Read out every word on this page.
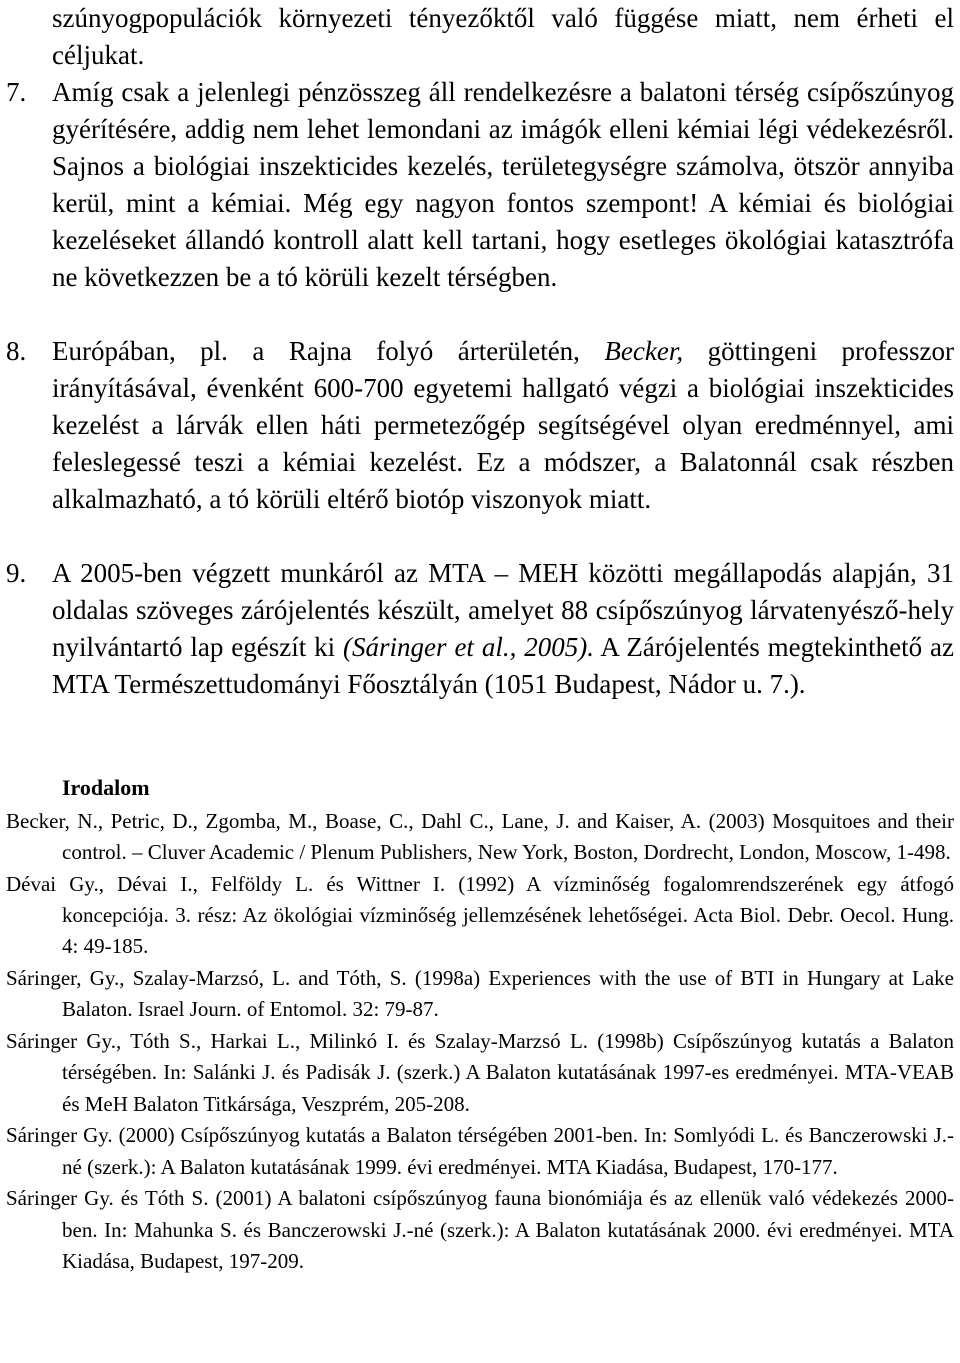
szúnyogpopulációk környezeti tényezőktől való függése miatt, nem érheti el céljukat.
7. Amíg csak a jelenlegi pénzösszeg áll rendelkezésre a balatoni térség csípőszúnyog gyérítésére, addig nem lehet lemondani az imágók elleni kémiai légi védekezésről. Sajnos a biológiai inszekticides kezelés, területegységre számolva, ötször annyiba kerül, mint a kémiai. Még egy nagyon fontos szempont! A kémiai és biológiai kezeléseket állandó kontroll alatt kell tartani, hogy esetleges ökológiai katasztrófa ne következzen be a tó körüli kezelt térségben.
8. Európában, pl. a Rajna folyó árterületén, Becker, göttingeni professzor irányításával, évenként 600-700 egyetemi hallgató végzi a biológiai inszekticides kezelést a lárvák ellen háti permetezőgép segítségével olyan eredménnyel, ami feleslegessé teszi a kémiai kezelést. Ez a módszer, a Balatonnál csak részben alkalmazható, a tó körüli eltérő biotóp viszonyok miatt.
9. A 2005-ben végzett munkáról az MTA – MEH közötti megállapodás alapján, 31 oldalas szöveges zárójelentés készült, amelyet 88 csípőszúnyog lárvatenyésző-hely nyilvántartó lap egészít ki (Sáringer et al., 2005). A Zárójelentés megtekinthető az MTA Természettudományi Főosztályán (1051 Budapest, Nádor u. 7.).
Irodalom
Becker, N., Petric, D., Zgomba, M., Boase, C., Dahl C., Lane, J. and Kaiser, A. (2003) Mosquitoes and their control. – Cluver Academic / Plenum Publishers, New York, Boston, Dordrecht, London, Moscow, 1-498.
Dévai Gy., Dévai I., Felföldy L. és Wittner I. (1992) A vízminőség fogalomrendszerének egy átfogó koncepciója. 3. rész: Az ökológiai vízminőség jellemzésének lehetőségei. Acta Biol. Debr. Oecol. Hung. 4: 49-185.
Sáringer, Gy., Szalay-Marzsó, L. and Tóth, S. (1998a) Experiences with the use of BTI in Hungary at Lake Balaton. Israel Journ. of Entomol. 32: 79-87.
Sáringer Gy., Tóth S., Harkai L., Milinkó I. és Szalay-Marzsó L. (1998b) Csípőszúnyog kutatás a Balaton térségében. In: Salánki J. és Padisák J. (szerk.) A Balaton kutatásának 1997-es eredményei. MTA-VEAB és MeH Balaton Titkársága, Veszprém, 205-208.
Sáringer Gy. (2000) Csípőszúnyog kutatás a Balaton térségében 2001-ben. In: Somlyódi L. és Banczerowski J.-né (szerk.): A Balaton kutatásának 1999. évi eredményei. MTA Kiadása, Budapest, 170-177.
Sáringer Gy. és Tóth S. (2001) A balatoni csípőszúnyog fauna bionómiája és az ellenük való védekezés 2000-ben. In: Mahunka S. és Banczerowski J.-né (szerk.): A Balaton kutatásának 2000. évi eredményei. MTA Kiadása, Budapest, 197-209.
